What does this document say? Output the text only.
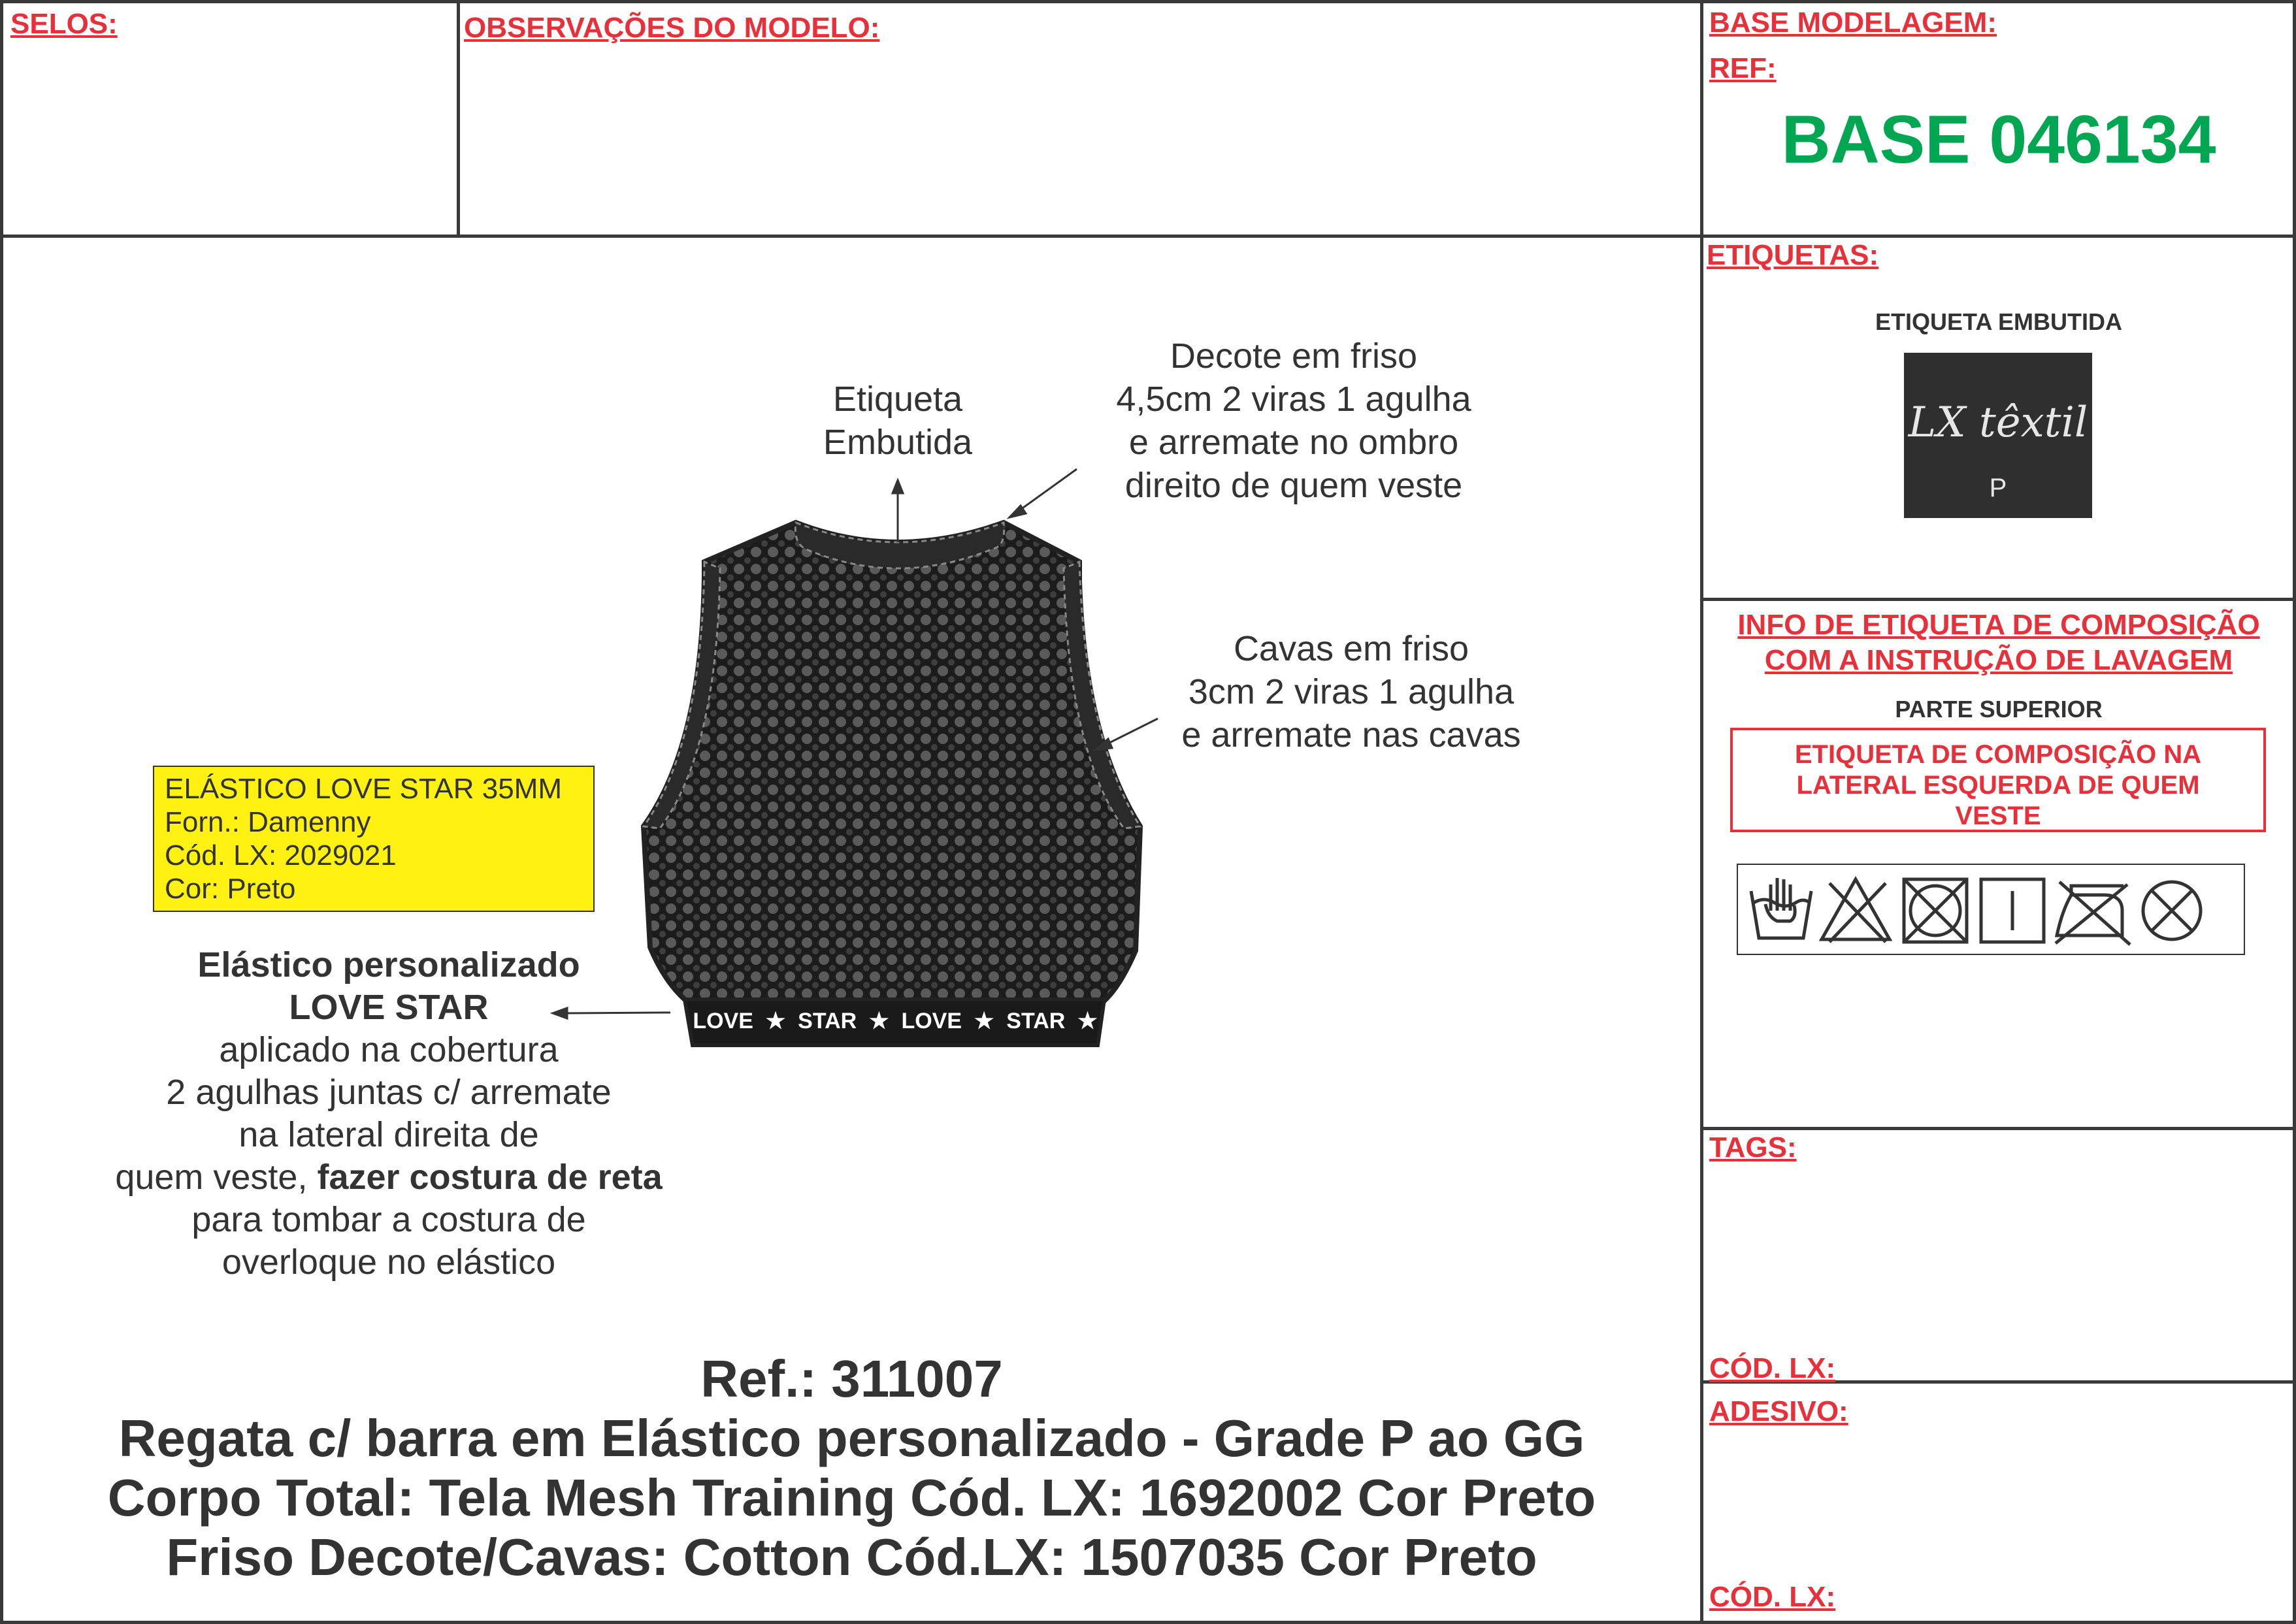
SELOS:	OBSERVAÇÕES DO MODELO:	BASE MODELAGEM:
REF:
BASE 046134
ETIQUETAS:
ETIQUETA EMBUTIDA
LX têxtil
P
INFO DE ETIQUETA DE COMPOSIÇÃO
COM A INSTRUÇÃO DE LAVAGEM
PARTE SUPERIOR
ETIQUETA DE COMPOSIÇÃO NA
LATERAL ESQUERDA DE QUEM
VESTE
TAGS:
CÓD. LX:
ADESIVO:
CÓD. LX:
LOVE  ★  STAR  ★  LOVE  ★  STAR  ★
Etiqueta
Embutida
Decote em friso
4,5cm 2 viras 1 agulha
e arremate no ombro
direito de quem veste
Cavas em friso
3cm 2 viras 1 agulha
e arremate nas cavas
ELÁSTICO LOVE STAR 35MM
Forn.: Damenny
Cód. LX: 2029021
Cor: Preto
Elástico personalizado
LOVE STAR
aplicado na cobertura
2 agulhas juntas c/ arremate
na lateral direita de
quem veste, fazer costura de reta
para tombar a costura de
overloque no elástico
Ref.: 311007
Regata c/ barra em Elástico personalizado - Grade P ao GG
Corpo Total: Tela Mesh Training Cód. LX: 1692002 Cor Preto
Friso Decote/Cavas: Cotton Cód.LX: 1507035 Cor Preto
